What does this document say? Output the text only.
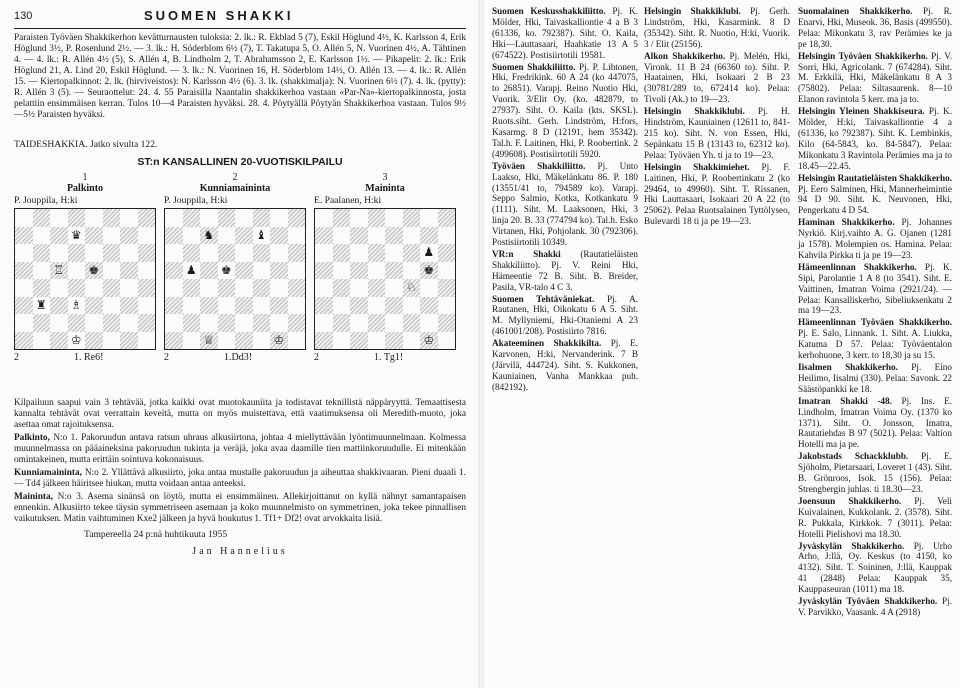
130	SUOMEN SHAKKI

Paraisten Työväen Shakkikerhon kevätturnausten tuloksia: 2. lk.: R. Ekblad 5 (7), Eskil Höglund 4½, K. Karlsson 4, Erik Höglund 3½, P. Rosenlund 2½. — 3. lk.: H. Söderblom 6½ (7), T. Takatupa 5, O. Allén 5, N. Vuorinen 4½, A. Tähtinen 4. — 4. lk.: R. Allén 4½ (5), S. Allén 4, B. Lindholm 2, T. Abrahamsson 2, E. Karlsson 1½. — Pikapelit: 2. lk.: Erik Höglund 21, A. Lind 20, Eskil Höglund. — 3. lk.: N. Vuorinen 16, H. Söderblom 14½, O. Allén 13. — 4. lk.: R. Allén 15. — Kiertopalkinnot: 2. lk. (hirviveistos): N. Karlsson 4½ (6). 3. lk. (shakkimalja): N. Vuorinen 6½ (7). 4. lk. (pytty): R. Allén 3 (5). — Seuraottelut: 24. 4. 55 Paraisilla Naantalin shakkikerhoa vastaan «Par-Na»-kiertopalkinnosta, josta pelattiin ensimmäisen kerran. Tulos 10—4 Paraisten hyväksi. 28. 4. Pöytyällä Pöytyän Shakkikerhoa vastaan. Tulos 9½—5½ Paraisten hyväksi.

TAIDESHAKKIA. Jatko sivulta 122.
ST:n KANSALLINEN 20-VUOTISKILPAILU
1
Palkinto
P. Jouppila, H:ki
♛
♖ ♚
♜ ♗
♔
2	1. Re6!
2
Kunniamaininta
P. Jouppila, H:ki
♞	♝
♟ ♚
♕	♔
2	1.Dd3!
3
Maininta
E. Paalanen, H:ki
♟
♚
♘
♔
2	1. Tg1!

Kilpailuun saapui vain 3 tehtävää, jotka kaikki ovat muotokauniita ja todistavat teknillistä näppäryyttä. Temaattisesta kannalta tehtävät ovat verrattain keveitä, mutta on myös muistettava, että vaatimuksensa oli Meredith-muoto, joka asettaa omat rajoituksensa.

Palkinto, N:o 1. Pakoruudun antava ratsun uhraus alkusiirtona, johtaa 4 miellyttävään lyöntimuunnelmaan. Kolmessa muunnelmassa on pääaineksina pakoruudun tukinta ja veräjä, joka avaa daamille tien mattiinkoruudulle. Ei mitenkään omintakeinen, mutta erittäin sointuva kokonaisuus.

Kunniamaininta, N:o 2. Yllättävä alkusiirto, joka antaa mustalle pakoruudun ja aiheuttaa shakkivaaran. Pieni duaali 1. — Td4 jälkeen häiritsee hiukan, mutta voidaan antaa anteeksi.

Maininta, N:o 3. Asema sinänsä on löytö, mutta ei ensimmäinen. Allekirjoittanut on kyllä nähnyt samantapaisen ennenkin. Alkusiirto tekee täysin symmetriseen asemaan ja koko muunnelmisto on symmetrinen, joka tekee pinnallisen vaikutuksen. Matin vaihtuminen Kxe2 jälkeen ja hyvä houkutus 1. Tf1+ Df2! ovat arvokkaita lisiä.

Tampereella 24 p:nä huhtikuuta 1955
Jan Hannelius

Suomen Keskusshakkiliitto. Pj. K. Mölder, Hki, Taivaskalliontie 4 a B 3 (61336, ko. 792387). Siht. O. Kaila, Hki—Lauttasaari, Haahkatie 13 A 5 (674522). Postisiirtotili 19581.

Suomen Shakkiliitto. Pj. P. Lihtonen, Hki, Fredrikink. 60 A 24 (ko 447075, to 26851). Varapj. Reino Nuotio Hki, Vuorik. 3/Elit Oy. (ko. 482879, to 27937). Siht. O. Kaila (kts. SKSL). Ruots.siht. Gerh. Lindström, H:fors, Kasarmg. 8 D (12191, hem 35342). Tal.h. F. Laitinen, Hki, P. Roobertink. 2 (499608). Postisiirtotili 5920.

Työväen Shakkiliitto. Pj. Unto Laakso, Hki, Mäkelänkatu 86. P. 180 (13551/41 to, 794589 ko). Varapj. Seppo Salmio, Kotka, Kotkankatu 9 (1111). Siht. M. Laaksonen, Hki, 3 linja 20. B. 33 (774794 ko). Tal.h. Esko Virtanen, Hki, Pohjolank. 30 (792306). Postisiirtotili 10349.

VR:n Shakki (Rautatieläisten Shakkiliitto). Pj. V. Reini Hki, Hämeentie 72 B. Siht. B. Breider, Pasila, VR-talo 4 C 3.

Suomen Tehtäväniekat. Pj. A. Rautanen, Hki, Oikokatu 6 A 5. Siht. M. Myllyniemi, Hki-Otaniemi A 23 (461001/208). Postisiirto 7816.

Akateeminen Shakkikilta. Pj. E. Karvonen, H:ki, Nervanderink. 7 B (Järvilä, 444724). Siht. S. Kukkonen, Kauniainen, Vanha Mankkaa puh. (842192).

Helsingin Shakkiklubi. Pj. Gerh. Lindström, Hki, Kasarmink. 8 D (35342). Siht. R. Nuotio, H:ki, Vuorik. 3 / Elit (25156).

Alkon Shakkikerho. Pj. Melén, Hki, Vironk. 11 B 24 (66360 to). Siht. P. Haatainen, Hki, Isokaari 2 B 23 (30781/289 to, 672414 ko). Pelaa: Tivoli (Ak.) to 19—23.

Helsingin Shakkiklubi. Pj. H. Hindström, Kauniainen (12611 to, 841-215 ko). Siht. N. von Essen, Hki, Sepänkatu 15 B (13143 to, 62312 ko). Pelaa: Työväen Yh. ti ja to 19—23.

Helsingin Shakkimiehet. Pj. F. Laitinen, Hki, P. Roobertinkatu 2 (ko 29464, to 49960). Siht. T. Rissanen, Hki Lauttasaari, Isokaari 20 A 22 (to 25062). Pelaa Ruotsalainen Tyttölyseo, Bulevardi 18 ti ja pe 19—23.

Suomalainen Shakkikerho. Pj. R. Enarvi, Hki, Museok. 36, Basis (499550). Pelaa: Mikonkatu 3, rav Perämies ke ja pe 18,30.

Helsingin Työväen Shakkikerho. Pj. V. Sorri, Hki, Agricolank. 7 (674284). Siht. M. Erkkilä, Hki, Mäkelänkatu 8 A 3 (75802). Pelaa: Siltasaarenk. 8—10 Elanon ravintola 5 kerr. ma ja to.

Helsingin Yleinen Shakkiseura. Pj. K. Mölder, H:ki, Taivaskalliontie 4 a (61336, ko 792387). Siht. K. Lembinkis, Kilo (64-5843, ko. 84-5847). Pelaa: Mikonkatu 3 Ravintola Perämies ma ja to 18.45—22.45.

Helsingin Rautatieläisten Shakkikerho. Pj. Eero Salminen, Hki, Mannerheimintie 94 D 90. Siht. K. Neuvonen, Hki, Pengerkatu 4 D 54.

Haminan Shakkikerho. Pj. Johannes Nyrkiö. Kirj.vaihto A. G. Ojanen (1281 ja 1578). Molempien os. Hamina. Pelaa: Kahvila Pirkka ti ja pe 19—23.

Hämeenlinnan Shakkikerho. Pj. K. Sipi, Parolantie 1 A 8 (to 3541). Siht. E. Vaittinen, Imatran Voima (2921/24). — Pelaa: Kansalliskerho, Sibeliuksenkatu 2 ma 19—23.

Hämeenlinnan Työväen Shakkikerho. Pj. E. Salo, Linnank. 1. Siht. A. Liukka, Katuma D 57. Pelaa: Työväentalon kerhohuone, 3 kerr. to 18,30 ja su 15.

Iisalmen Shakkikerho. Pj. Eino Heilimo, Iisalmi (330). Pelaa: Savonk. 22 Säästöpankki ke 18.

Imatran Shakki -48. Pj. Ins. E. Lindholm, Imatran Voima Oy. (1370 ko 1371). Siht. O. Jonsson, Imatra, Rautatiehdas B 97 (5021). Pelaa: Valtion Hotelli ma ja pe.

Jakobstads Schackklubb. Pj. E. Sjöholm, Pietarsaari, Loveret 1 (43). Siht. B. Grönroos, Isok. 15 (156). Pelaa: Strengbergin juhlas. ti 18.30—23.

Joensuun Shakkikerho. Pj. Veli Kuivalainen, Kukkolank. 2. (3578). Siht. R. Pukkala, Kirkkok. 7 (3011). Pelaa: Hotelli Pielishovi ma 18.30.

Jyväskylän Shakkikerho. Pj. Urho Arho, J:llä, Oy. Keskus (to 4150, ko 4132). Siht. T. Soininen, J:llä, Kauppak 41 (2848) Pelaa: Kauppak 35, Kauppaseuran (1011) ma 18.

Jyväskylän Työväen Shakkikerho. Pj. V. Parvikko, Vaasank. 4 A (2918)
